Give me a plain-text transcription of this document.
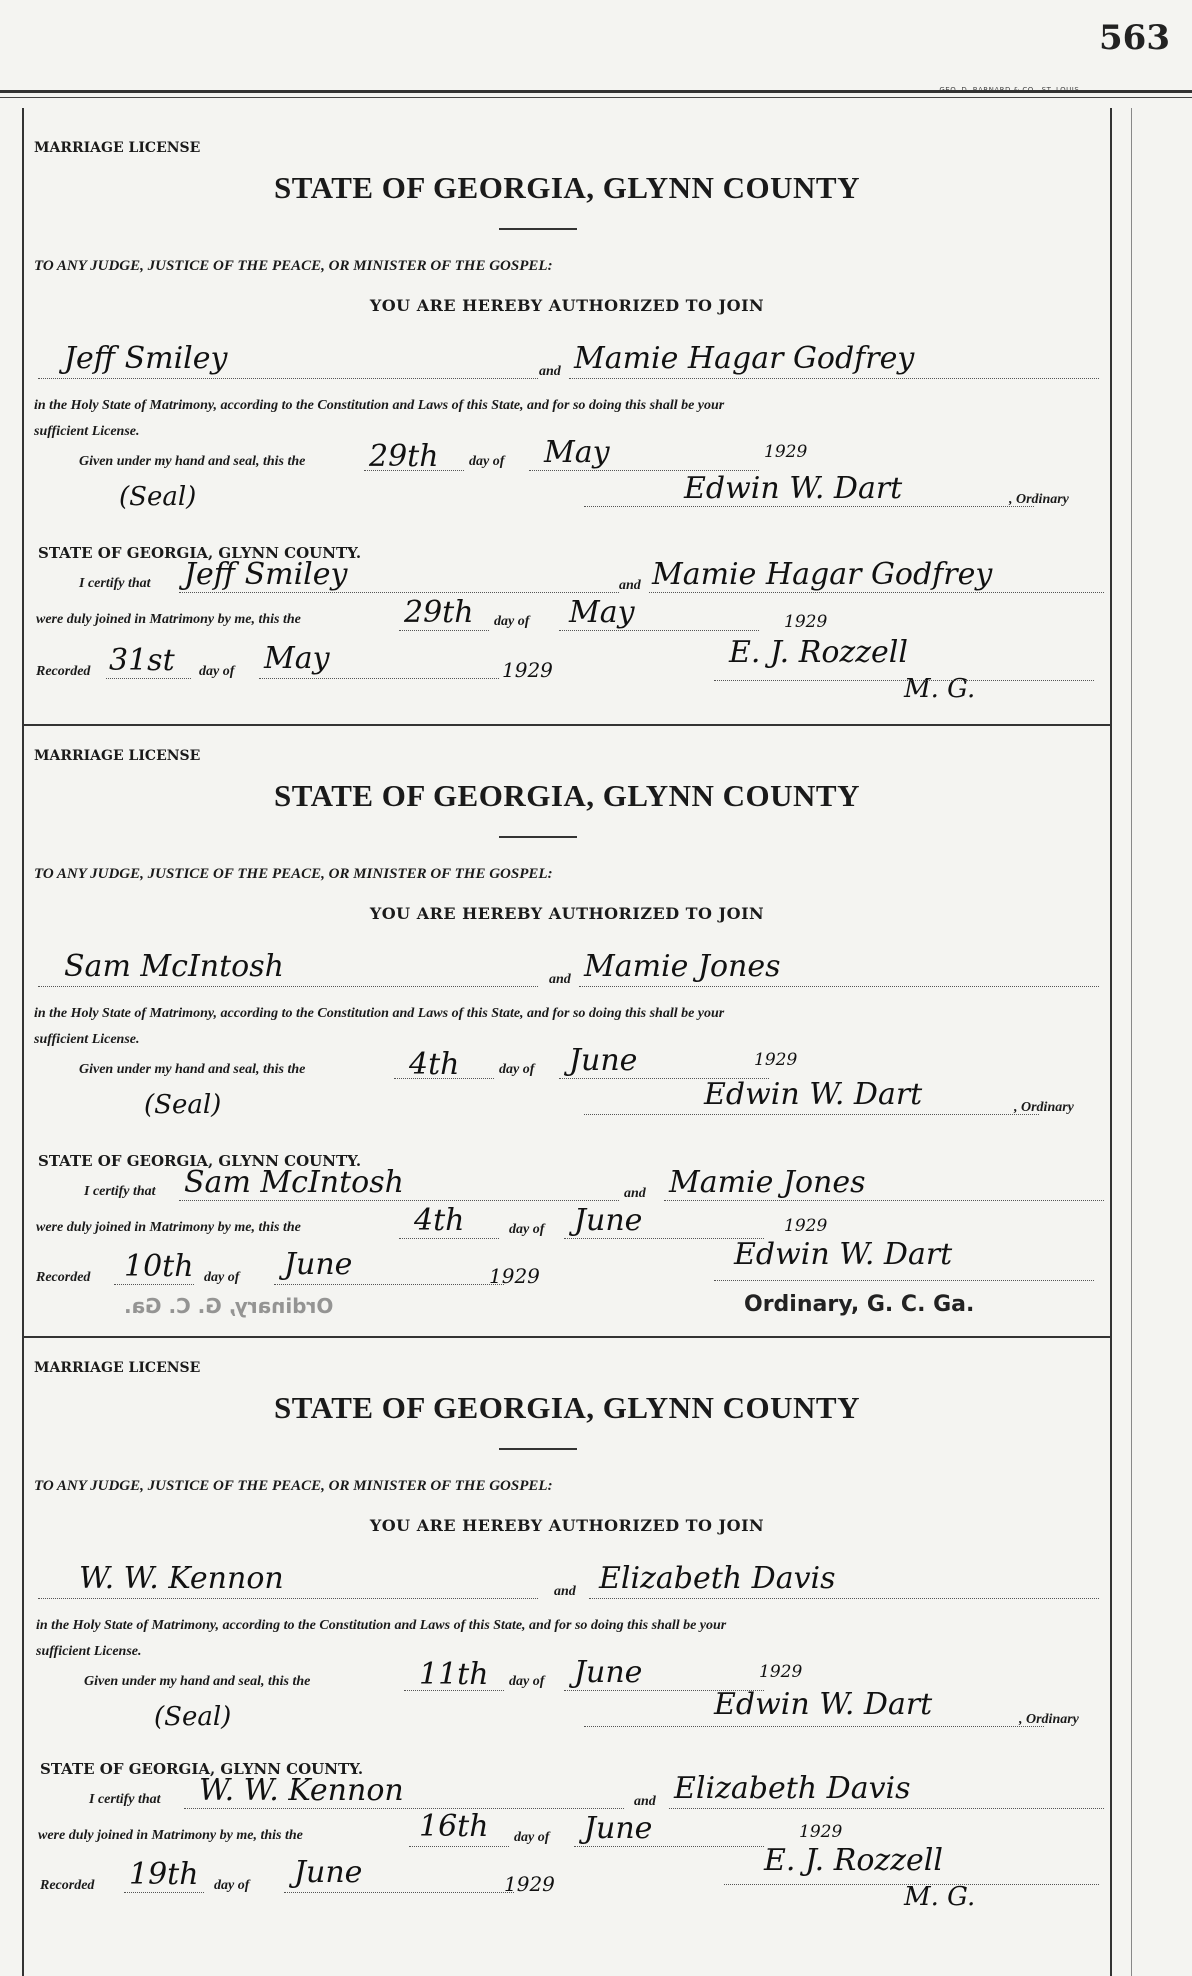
563
MARRIAGE LICENSE
STATE OF GEORGIA, GLYNN COUNTY
TO ANY JUDGE, JUSTICE OF THE PEACE, OR MINISTER OF THE GOSPEL:
YOU ARE HEREBY AUTHORIZED TO JOIN
Jeff Smiley	and Mamie Hagar Godfrey
in the Holy State of Matrimony, according to the Constitution and Laws of this State, and for so doing this shall be your
sufficient License.
Given under my hand and seal, this the 29th day of May	1929
(Seal)	Edwin W. Dart	, Ordinary
STATE OF GEORGIA, GLYNN COUNTY.
I certify that Jeff Smiley	and Mamie Hagar Godfrey
were duly joined in Matrimony by me, this the	29th day of May	1929
Recorded 31st day of May	1929	E. J. Rozzell
M. G.
MARRIAGE LICENSE
STATE OF GEORGIA, GLYNN COUNTY
TO ANY JUDGE, JUSTICE OF THE PEACE, OR MINISTER OF THE GOSPEL:
YOU ARE HEREBY AUTHORIZED TO JOIN
Sam McIntosh	and Mamie Jones
in the Holy State of Matrimony, according to the Constitution and Laws of this State, and for so doing this shall be your
sufficient License.
Given under my hand and seal, this the	4th	day of June	1929
(Seal)	Edwin W. Dart	, Ordinary
STATE OF GEORGIA, GLYNN COUNTY.
I certify that Sam McIntosh	and Mamie Jones
were duly joined in Matrimony by me, this the	4th	day of June	1929
Recorded 10th day of June	1929
Edwin W. Dart
Ordinary, G. C. Ga.
Ordinary, G. C. Ga.
MARRIAGE LICENSE
STATE OF GEORGIA, GLYNN COUNTY
TO ANY JUDGE, JUSTICE OF THE PEACE, OR MINISTER OF THE GOSPEL:
YOU ARE HEREBY AUTHORIZED TO JOIN
W. W. Kennon	and Elizabeth Davis
in the Holy State of Matrimony, according to the Constitution and Laws of this State, and for so doing this shall be your
sufficient License.
Given under my hand and seal, this the	11th day of June	1929
(Seal)	Edwin W. Dart	, Ordinary
STATE OF GEORGIA, GLYNN COUNTY.
I certify that W. W. Kennon	and Elizabeth Davis
were duly joined in Matrimony by me, this the	16th day of June	1929
Recorded 19th day of June	1929
E. J. Rozzell
M. G.
